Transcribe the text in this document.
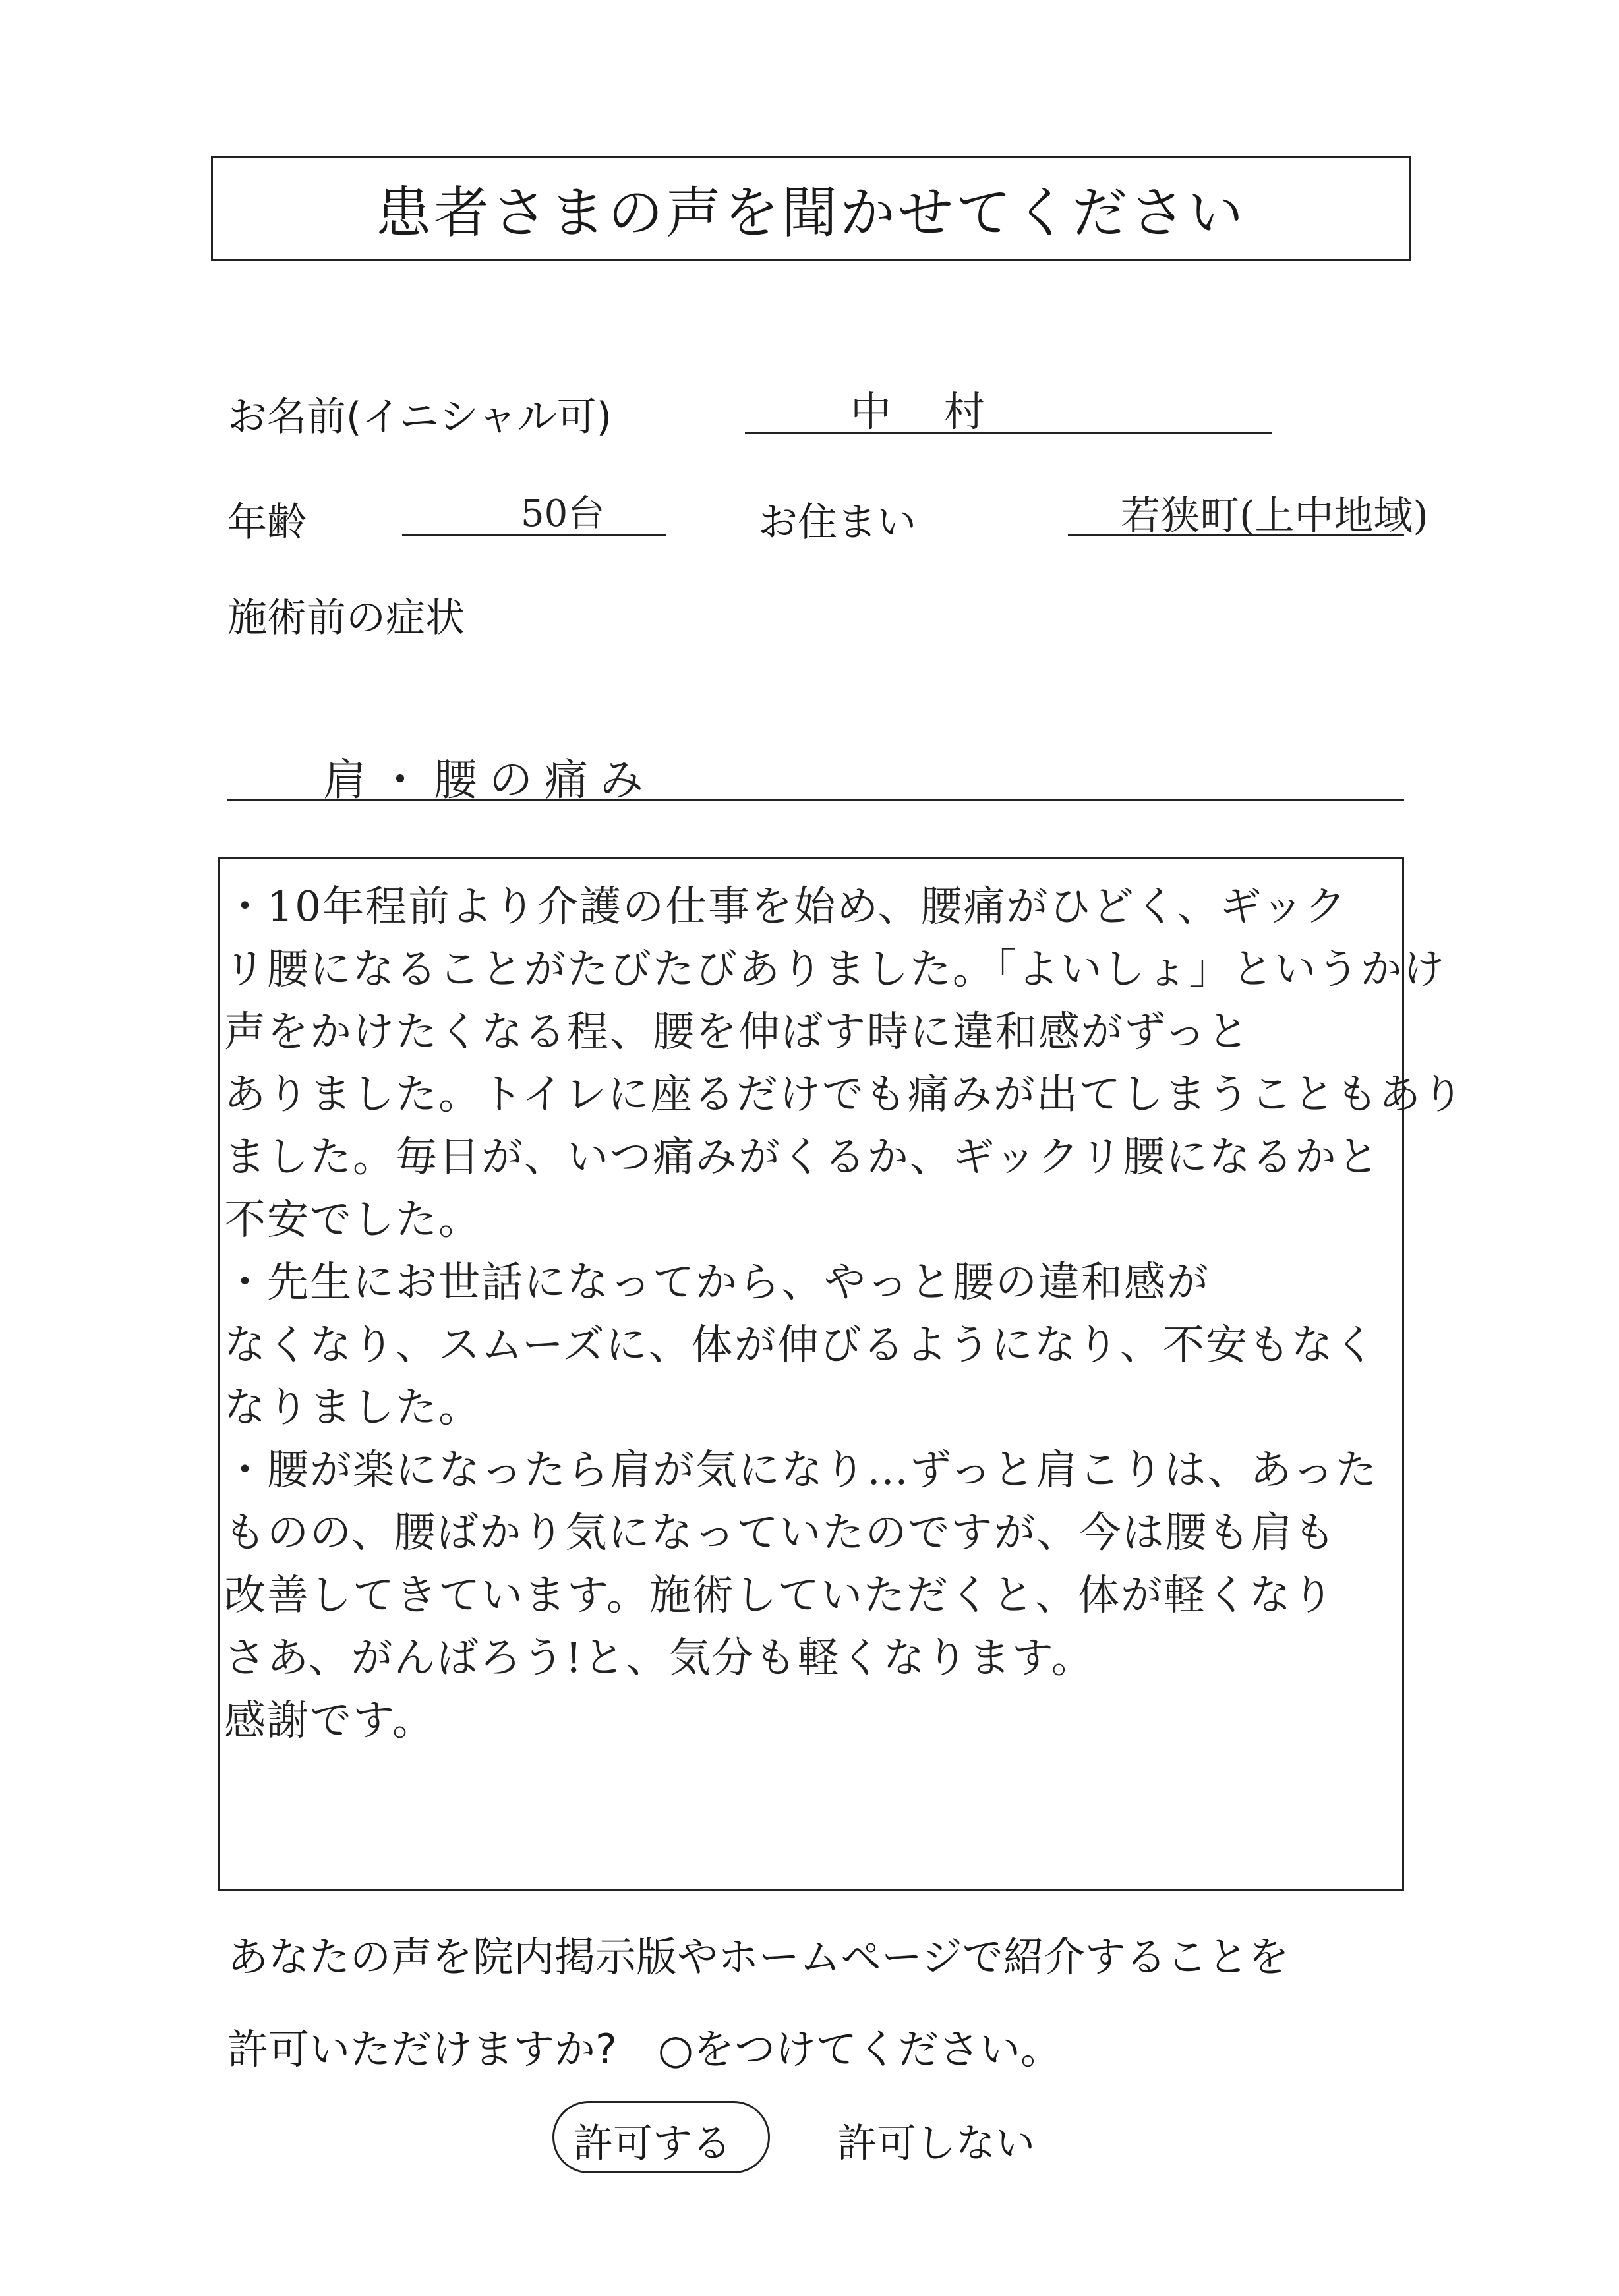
患者さまの声を聞かせてください
お名前(イニシャル可)	中 村
年齢	50台	お住まい	若狭町(上中地域)
施術前の症状
肩・腰の痛み
・10年程前より介護の仕事を始め、腰痛がひどく、ギック
リ腰になることがたびたびありました。「よいしょ」というかけ
声をかけたくなる程、腰を伸ばす時に違和感がずっと
ありました。トイレに座るだけでも痛みが出てしまうこともあり
ました。毎日が、いつ痛みがくるか、ギックリ腰になるかと
不安でした。
・先生にお世話になってから、やっと腰の違和感が
なくなり、スムーズに、体が伸びるようになり、不安もなく
なりました。
・腰が楽になったら肩が気になり…ずっと肩こりは、あった
ものの、腰ばかり気になっていたのですが、今は腰も肩も
改善してきています。施術していただくと、体が軽くなり
さあ、がんばろう!と、気分も軽くなります。
感謝です。
あなたの声を院内掲示版やホームページで紹介することを
許可いただけますか?　○をつけてください。
許可する	許可しない
